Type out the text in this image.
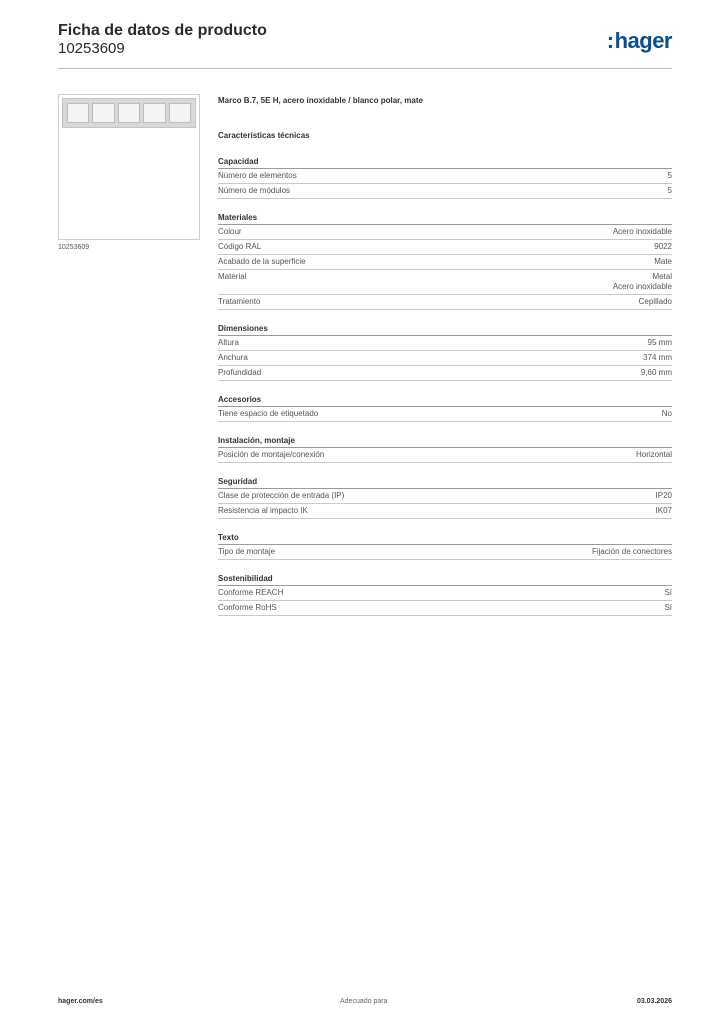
Ficha de datos de producto
10253609	:hager
10253609
Marco B.7, 5E H, acero inoxidable / blanco polar, mate
Características técnicas
Capacidad
Número de elementos	5
Número de módulos	5
Materiales
Colour	Acero inoxidable
Código RAL	9022
Acabado de la superficie	Mate
Material	Metal
Acero inoxidable
Tratamiento	Cepillado
Dimensiones
Altura	95 mm
Anchura	374 mm
Profundidad	9,60 mm
Accesorios
Tiene espacio de etiquetado	No
Instalación, montaje
Posición de montaje/conexión	Horizontal
Seguridad
Clase de protección de entrada (IP)	IP20
Resistencia al impacto IK	IK07
Texto
Tipo de montaje	Fijación de conectores
Sostenibilidad
Conforme REACH	Sí
Conforme RoHS	Sí
hager.com/es	Adecuado para	03.03.2026
